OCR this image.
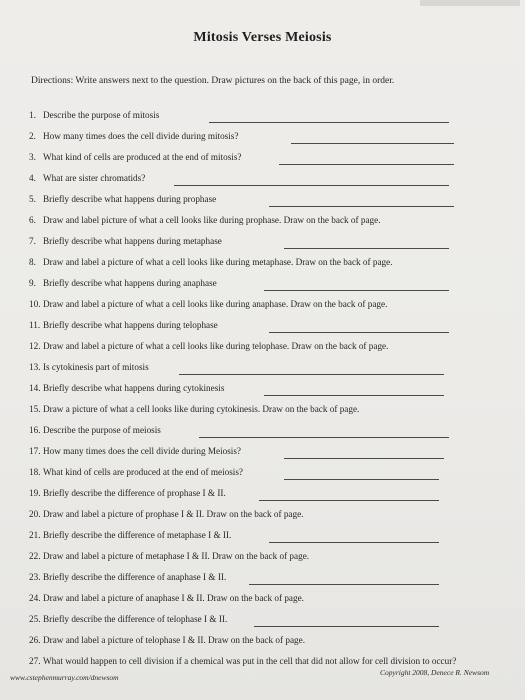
Mitosis Verses Meiosis
Directions: Write answers next to the question. Draw pictures on the back of this page, in order.
1. Describe the purpose of mitosis
2. How many times does the cell divide during mitosis?
3. What kind of cells are produced at the end of mitosis?
4. What are sister chromatids?
5. Briefly describe what happens during prophase
6. Draw and label picture of what a cell looks like during prophase. Draw on the back of page.
7. Briefly describe what happens during metaphase
8. Draw and label a picture of what a cell looks like during metaphase. Draw on the back of page.
9. Briefly describe what happens during anaphase
10. Draw and label a picture of what a cell looks like during anaphase. Draw on the back of page.
11. Briefly describe what happens during telophase
12. Draw and label a picture of what a cell looks like during telophase. Draw on the back of page.
13. Is cytokinesis part of mitosis
14. Briefly describe what happens during cytokinesis
15. Draw a picture of what a cell looks like during cytokinesis. Draw on the back of page.
16. Describe the purpose of meiosis
17. How many times does the cell divide during Meiosis?
18. What kind of cells are produced at the end of meiosis?
19. Briefly describe the difference of prophase I & II.
20. Draw and label a picture of prophase I & II. Draw on the back of page.
21. Briefly describe the difference of metaphase I & II.
22. Draw and label a picture of metaphase I & II. Draw on the back of page.
23. Briefly describe the difference of anaphase I & II.
24. Draw and label a picture of anaphase I & II. Draw on the back of page.
25. Briefly describe the difference of telophase I & II.
26. Draw and label a picture of telophase I & II. Draw on the back of page.
27. What would happen to cell division if a chemical was put in the cell that did not allow for cell division to occur?
www.cstephenmurray.com/dnewsom
Copyright 2008, Denece R. Newsom
